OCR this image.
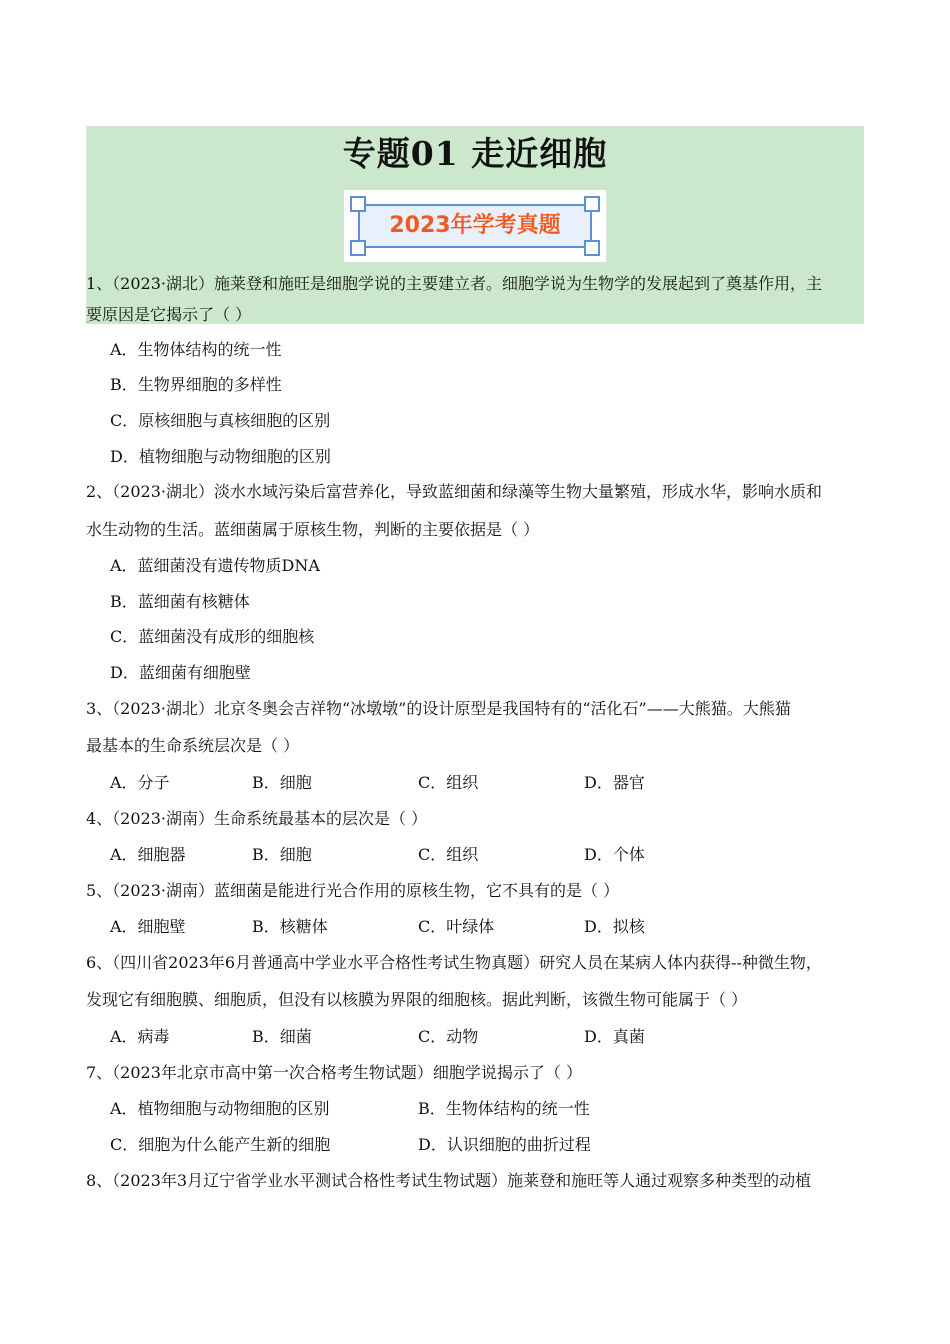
专题01 走近细胞
2023年学考真题
1、（2023·湖北）施莱登和施旺是细胞学说的主要建立者。细胞学说为生物学的发展起到了奠基作用，主
要原因是它揭示了（ ）
A．生物体结构的统一性
B．生物界细胞的多样性
C．原核细胞与真核细胞的区别
D．植物细胞与动物细胞的区别
2、（2023·湖北）淡水水域污染后富营养化，导致蓝细菌和绿藻等生物大量繁殖，形成水华，影响水质和
水生动物的生活。蓝细菌属于原核生物，判断的主要依据是（ ）
A．蓝细菌没有遗传物质DNA
B．蓝细菌有核糖体
C．蓝细菌没有成形的细胞核
D．蓝细菌有细胞壁
3、（2023·湖北）北京冬奥会吉祥物“冰墩墩”的设计原型是我国特有的“活化石”——大熊猫。大熊猫
最基本的生命系统层次是（ ）
A．分子	B．细胞	C．组织	D．器官
4、（2023·湖南）生命系统最基本的层次是（ ）
A．细胞器	B．细胞	C．组织	D．个体
5、（2023·湖南）蓝细菌是能进行光合作用的原核生物，它不具有的是（ ）
A．细胞壁	B．核糖体	C．叶绿体	D．拟核
6、（四川省2023年6月普通高中学业水平合格性考试生物真题）研究人员在某病人体内获得--种微生物，
发现它有细胞膜、细胞质，但没有以核膜为界限的细胞核。据此判断，该微生物可能属于（ ）
A．病毒	B．细菌	C．动物	D．真菌
7、（2023年北京市高中第一次合格考生物试题）细胞学说揭示了（ ）
A．植物细胞与动物细胞的区别	B．生物体结构的统一性
C．细胞为什么能产生新的细胞	D．认识细胞的曲折过程
8、（2023年3月辽宁省学业水平测试合格性考试生物试题）施莱登和施旺等人通过观察多种类型的动植
